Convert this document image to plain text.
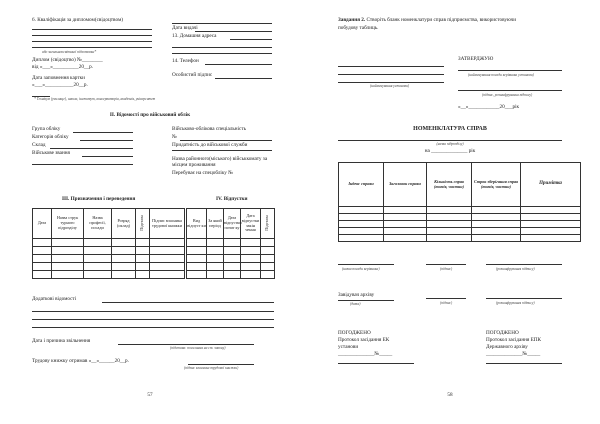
6. Кваліфікація за дипломом(свідоцтвом)
або загальноосвітньої підготовки*
Диплом (свідоцтво) №________
від «___»__________20__р.
Дата заповнення картки
«___»___________20__р.
* Технікум (училище), школа, інститут, консерваторія, академія, університет
Дата видачі
13. Домашня адреса
14. Телефон
Особистий підпис
ІІ. Відомості про військовий облік
Група обліку
Категорія обліку
Склад
Військове звання
Військово-облікова спеціальність
№
Придатність до військової служби
Назва районного(міського) військкомату за місцем проживання
Перебуває на спецобліку №
ІІІ. Призначення і переведення	IV. Відпустки
Дата	Назва струк турного підрозділу	Назва професії, посади	Розряд (оклад)	Підстава	Підпис власника трудової книжки

Вид відпуст ки	За який період	Дата відпустки почат ку	Дата відпустки закін чення	Підстава

Додаткові відомості
Дата і причина звільнення
(підстава: посилання на ст. закону)
Трудову книжку отримав «__»______20__р.
(підпис власника трудової книжки)
57
Завдання 2. Створіть бланк номенклатури справ підприємства, використовуючи
побудову таблиць.
(найменування установи)
ЗАТВЕРДЖУЮ
(найменування посади керівника установи)
(підпис, розшифрування підпису)
«__»____________20___рік
НОМЕНКЛАТУРА СПРАВ
(назва підрозділу)
на ______________ рік
Індекс справи	Заголовок справи	Кількість справ (томів, частин)	Строк зберігання справ (томів, частин)	Примітка

(назва посади керівника)	(підпис)	(розшифрування підпису)
Завідувач архіву
(дата)	(підпис)	(розшифрування підпису)
ПОГОДЖЕНО
Протокол засідання ЕК
установи
______________№_____
ПОГОДЖЕНО
Протокол засідання ЕПК
Державного архіву
______________№_____
58
